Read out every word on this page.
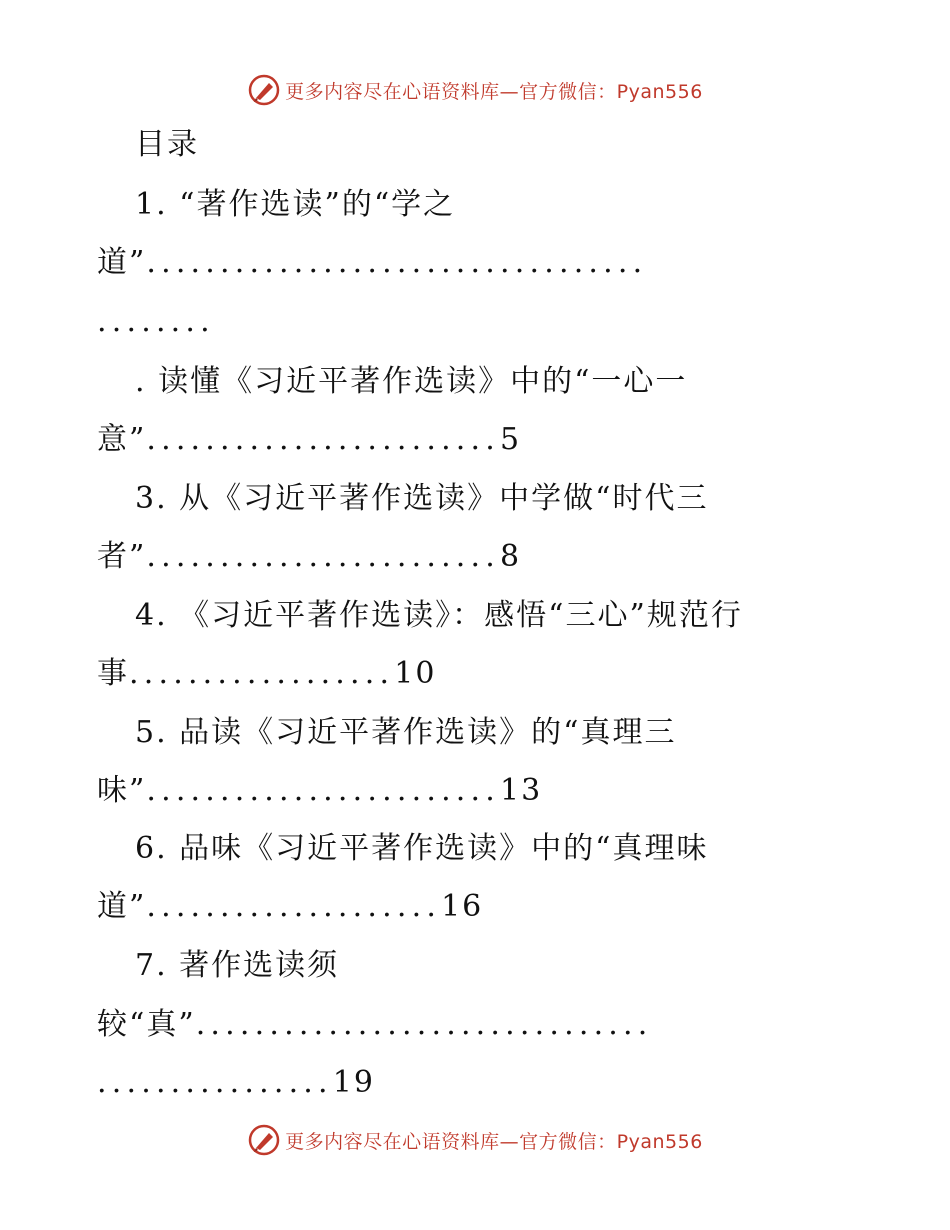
更多内容尽在心语资料库—官方微信：Pyan556
目录
1. “著作选读”的“学之
道”..................................
........
. 读懂《习近平著作选读》中的“一心一
意”........................5
3. 从《习近平著作选读》中学做“时代三
者”........................8
4. 《习近平著作选读》：感悟“三心”规范行
事..................10
5. 品读《习近平著作选读》的“真理三
味”........................13
6. 品味《习近平著作选读》中的“真理味
道”....................16
7. 著作选读须
较“真”...............................
................19
更多内容尽在心语资料库—官方微信：Pyan556
